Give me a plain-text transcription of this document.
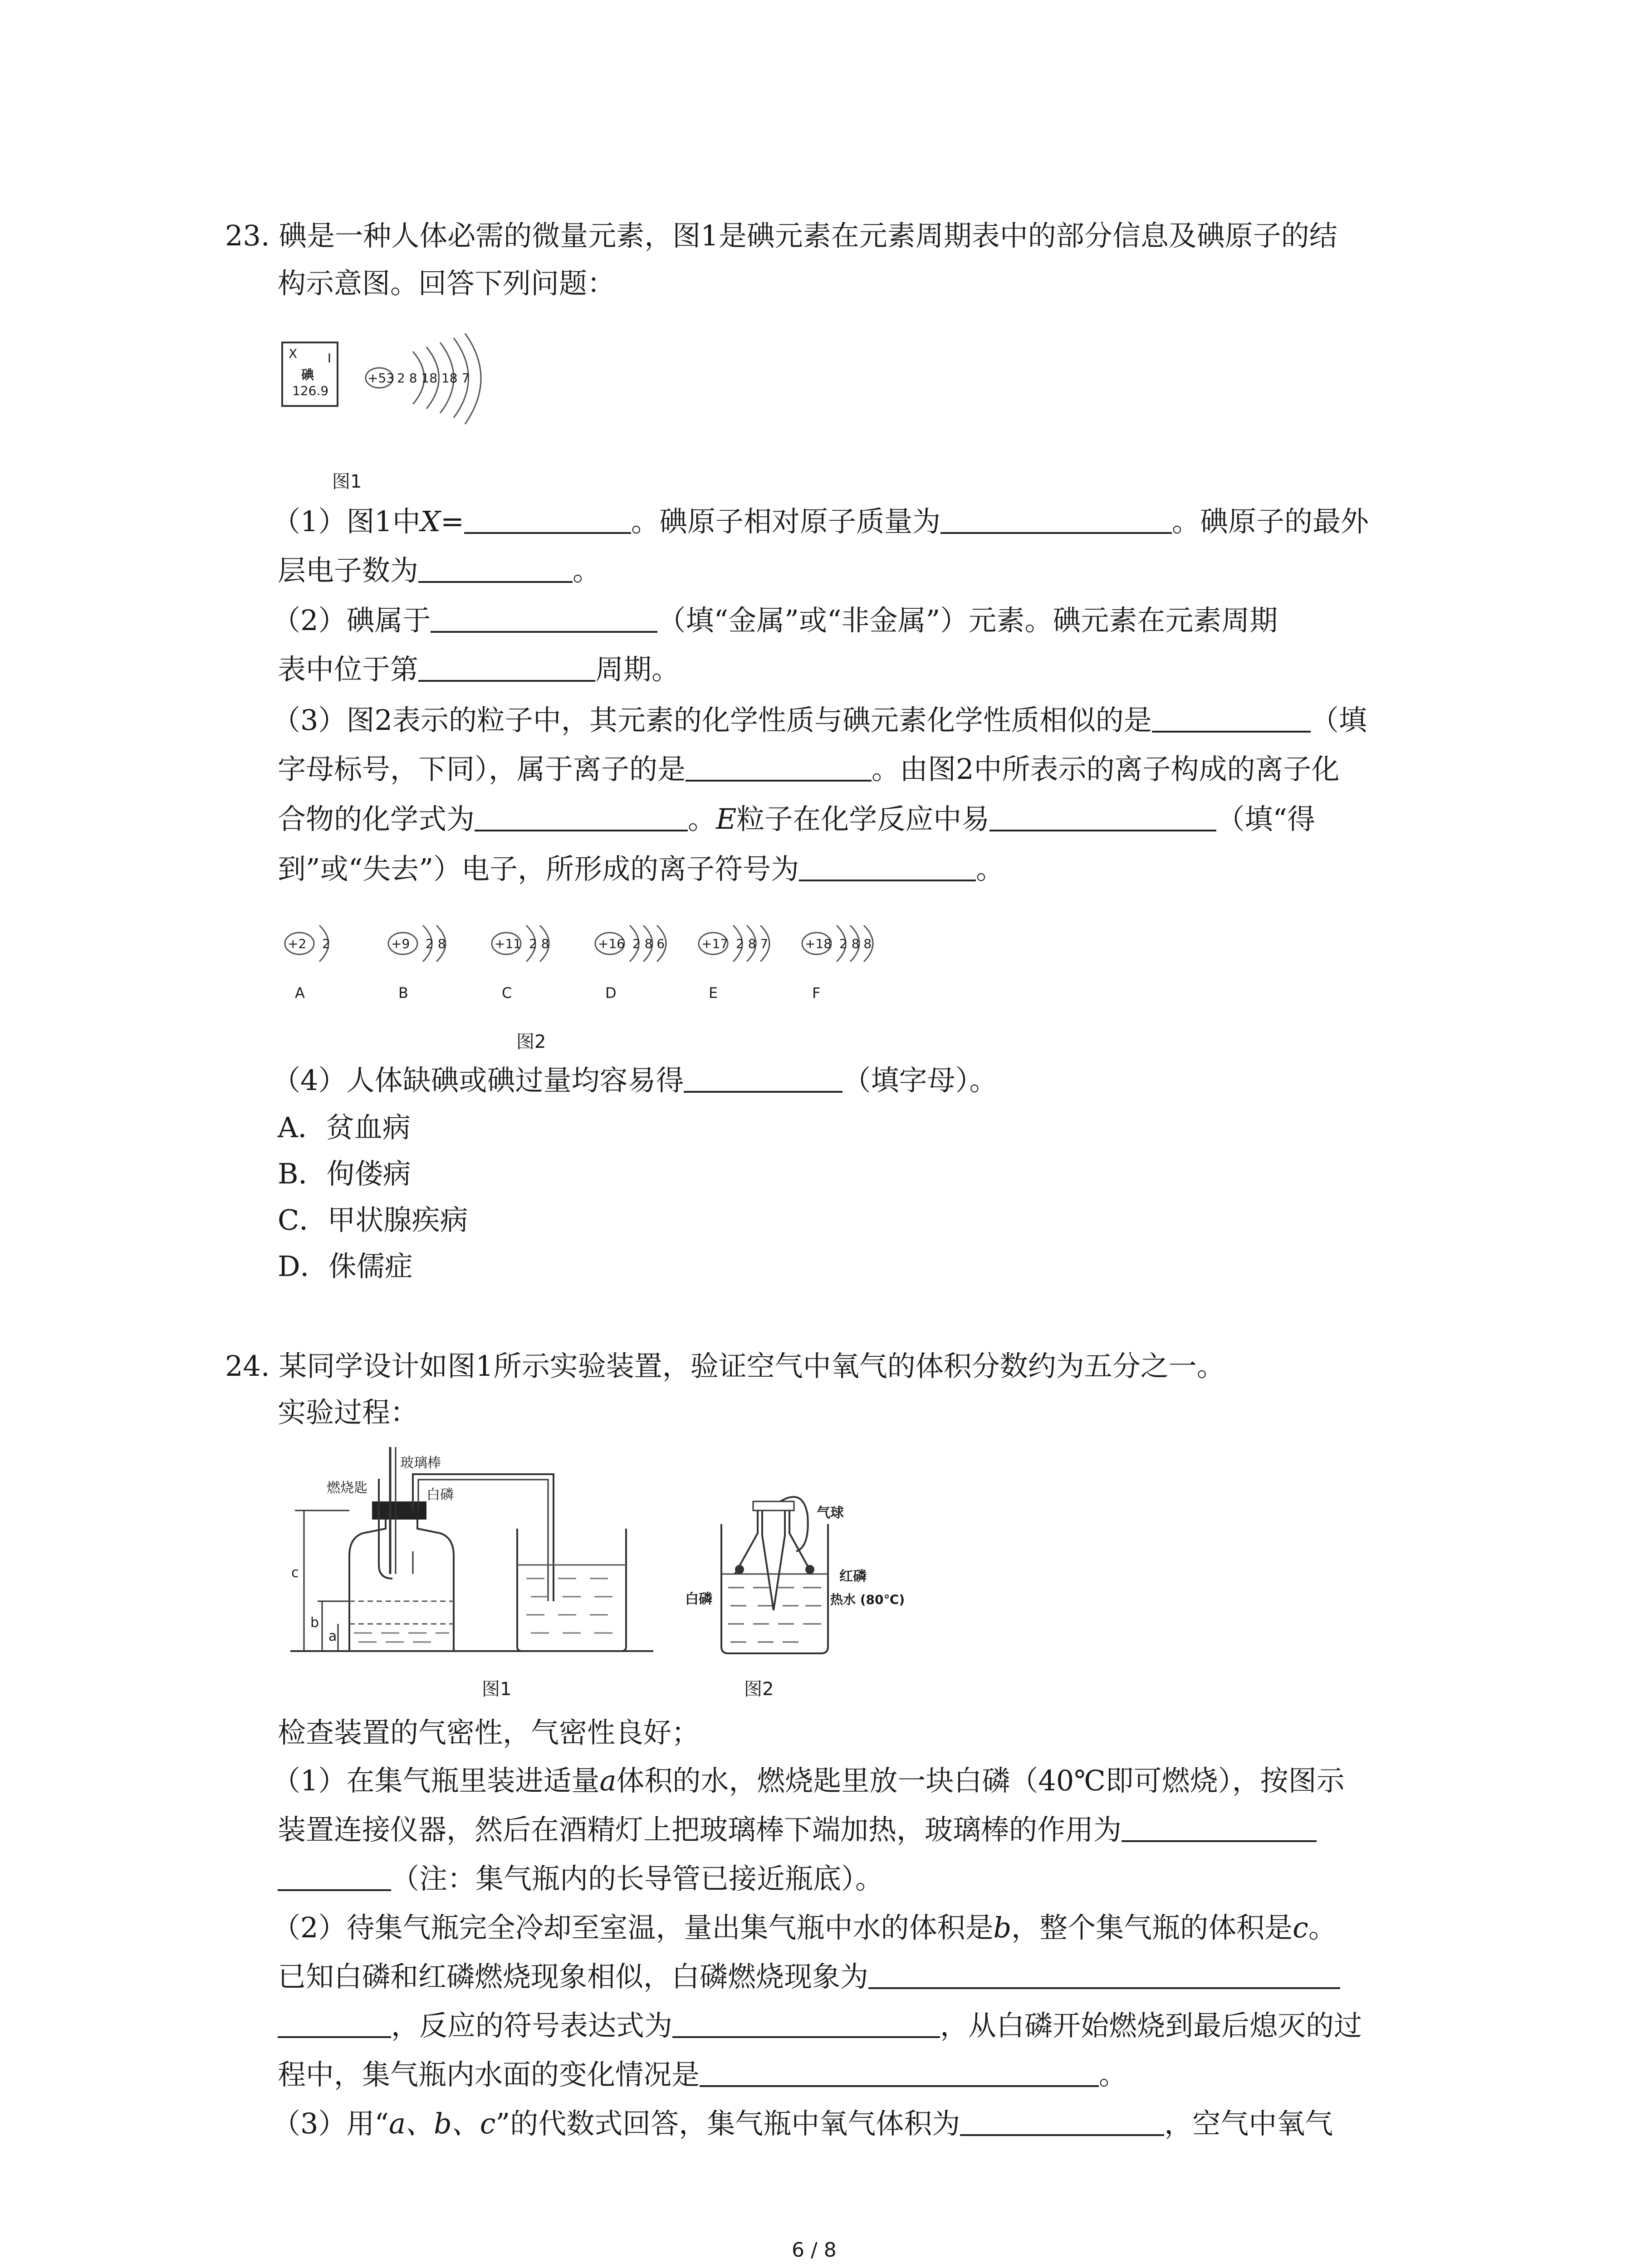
23. 碘是一种人体必需的微量元素，图1是碘元素在元素周期表中的部分信息及碘原子的结
构示意图。回答下列问题：
X I
碘
126.9
+53 2 8 18 18 7
图1
（1）图1中X=	。碘原子相对原子质量为	。碘原子的最外
层电子数为	。
（2）碘属于	（填“金属”或“非金属”）元素。碘元素在元素周期
表中位于第	周期。
（3）图2表示的粒子中，其元素的化学性质与碘元素化学性质相似的是	（填
字母标号，下同），属于离子的是	。由图2中所表示的离子构成的离子化
合物的化学式为	。E粒子在化学反应中易	（填“得
到”或“失去”）电子，所形成的离子符号为	。
+2 2
A
+9 2 8
B
+11 2 8
C
+16 2 8 6
D
+17 2 8 7
E
+18 2 8 8
F
图2
（4）人体缺碘或碘过量均容易得	（填字母）。
A．贫血病
B．佝偻病
C．甲状腺疾病
D．侏儒症
24. 某同学设计如图1所示实验装置，验证空气中氧气的体积分数约为五分之一。
实验过程：
玻璃棒
燃烧匙	白磷
c
b
a
图1
气球
红磷
白磷	热水 (80℃)
图2
检查装置的气密性，气密性良好；
（1）在集气瓶里装进适量a体积的水，燃烧匙里放一块白磷（40℃即可燃烧），按图示
装置连接仪器，然后在酒精灯上把玻璃棒下端加热，玻璃棒的作用为
（注：集气瓶内的长导管已接近瓶底）。
（2）待集气瓶完全冷却至室温，量出集气瓶中水的体积是b，整个集气瓶的体积是c。
已知白磷和红磷燃烧现象相似，白磷燃烧现象为
，反应的符号表达式为	，从白磷开始燃烧到最后熄灭的过
程中，集气瓶内水面的变化情况是	。
（3）用“a、b、c”的代数式回答，集气瓶中氧气体积为	，空气中氧气
6 / 8
